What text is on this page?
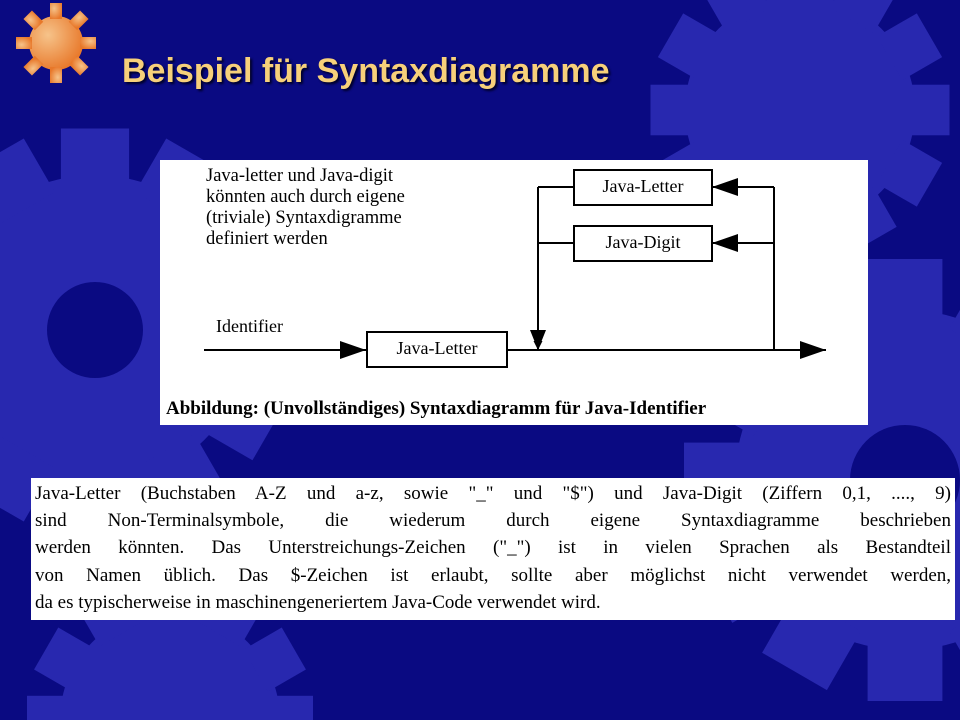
Beispiel für Syntaxdiagramme
Java-letter und Java-digit
könnten auch durch eigene
(triviale) Syntaxdigramme
definiert werden
Identifier
Java-Letter
Java-Letter
Java-Digit
Abbildung: (Unvollständiges) Syntaxdiagramm für Java-Identifier
Java-Letter (Buchstaben A-Z und a-z, sowie "_" und "$") und Java-Digit (Ziffern 0,1, ...., 9)
sind Non-Terminalsymbole, die wiederum durch eigene Syntaxdiagramme beschrieben
werden könnten. Das Unterstreichungs-Zeichen ("_") ist in vielen Sprachen als Bestandteil
von Namen üblich. Das $-Zeichen ist erlaubt, sollte aber möglichst nicht verwendet werden,
da es typischerweise in maschinengeneriertem Java-Code verwendet wird.
